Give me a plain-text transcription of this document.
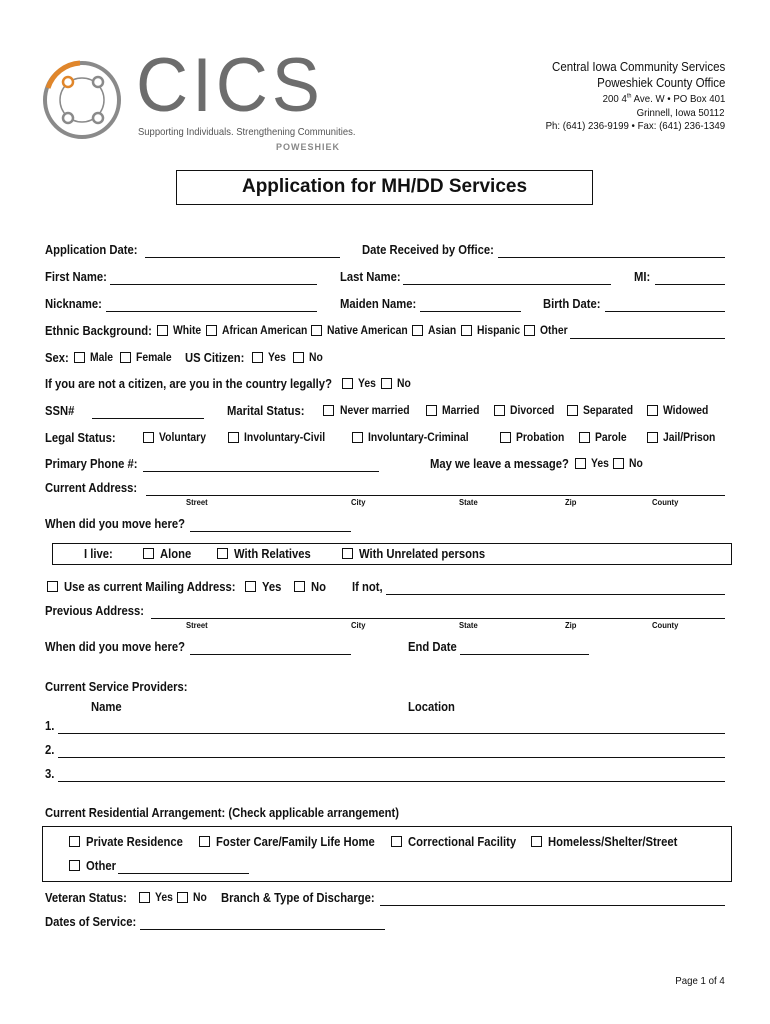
CICS
Supporting Individuals. Strengthening Communities.
POWESHIEK
Central Iowa Community Services
Poweshiek County Office
200 4th Ave. W • PO Box 401
Grinnell, Iowa 50112
Ph: (641) 236-9199 • Fax: (641) 236-1349
Application for MH/DD Services
Application Date:	Date Received by Office:
First Name:	Last Name:	MI:
Nickname:	Maiden Name:	Birth Date:
Ethnic Background: White African American Native American Asian Hispanic Other
Sex: Male Female US Citizen: Yes No
If you are not a citizen, are you in the country legally? Yes No
SSN#	Marital Status:	Never married	Married	Divorced Separated	Widowed
Legal Status:	Voluntary	Involuntary-Civil	Involuntary-Criminal	Probation	Parole	Jail/Prison
Primary Phone #:	May we leave a message? Yes No
Current Address:
Street	City	State	Zip	County
When did you move here?
I live:	Alone	With Relatives	With Unrelated persons
Use as current Mailing Address: Yes No If not,
Previous Address:
Street	City	State	Zip	County
When did you move here?	End Date
Current Service Providers:
Name	Location
1.
2.
3.
Current Residential Arrangement: (Check applicable arrangement)
Private Residence	Foster Care/Family Life Home	Correctional Facility	Homeless/Shelter/Street
Other
Veteran Status: Yes No Branch & Type of Discharge:
Dates of Service:
Page 1 of 4
